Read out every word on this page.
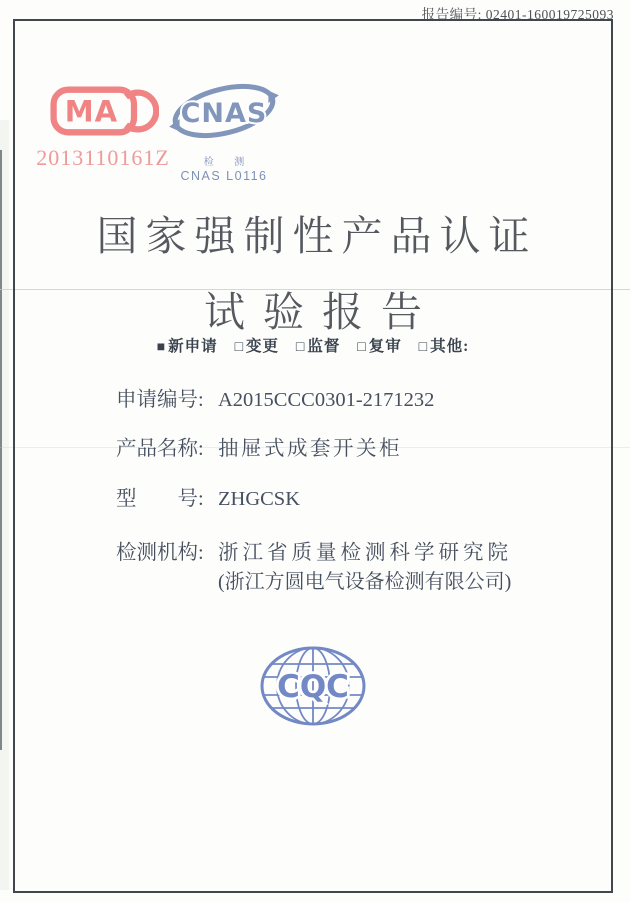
报告编号: 02401-160019725093
MA
2013110161Z
CNAS
检 测
CNAS L0116
国家强制性产品认证
试验报告
■ 新申请 □ 变更 □ 监督 □ 复审 □ 其他:
申请编号: A2015CCC0301-2171232
产品名称: 抽屉式成套开关柜
型　　号: ZHGCSK
检测机构: 浙江省质量检测科学研究院
(浙江方圆电气设备检测有限公司)
CQC
